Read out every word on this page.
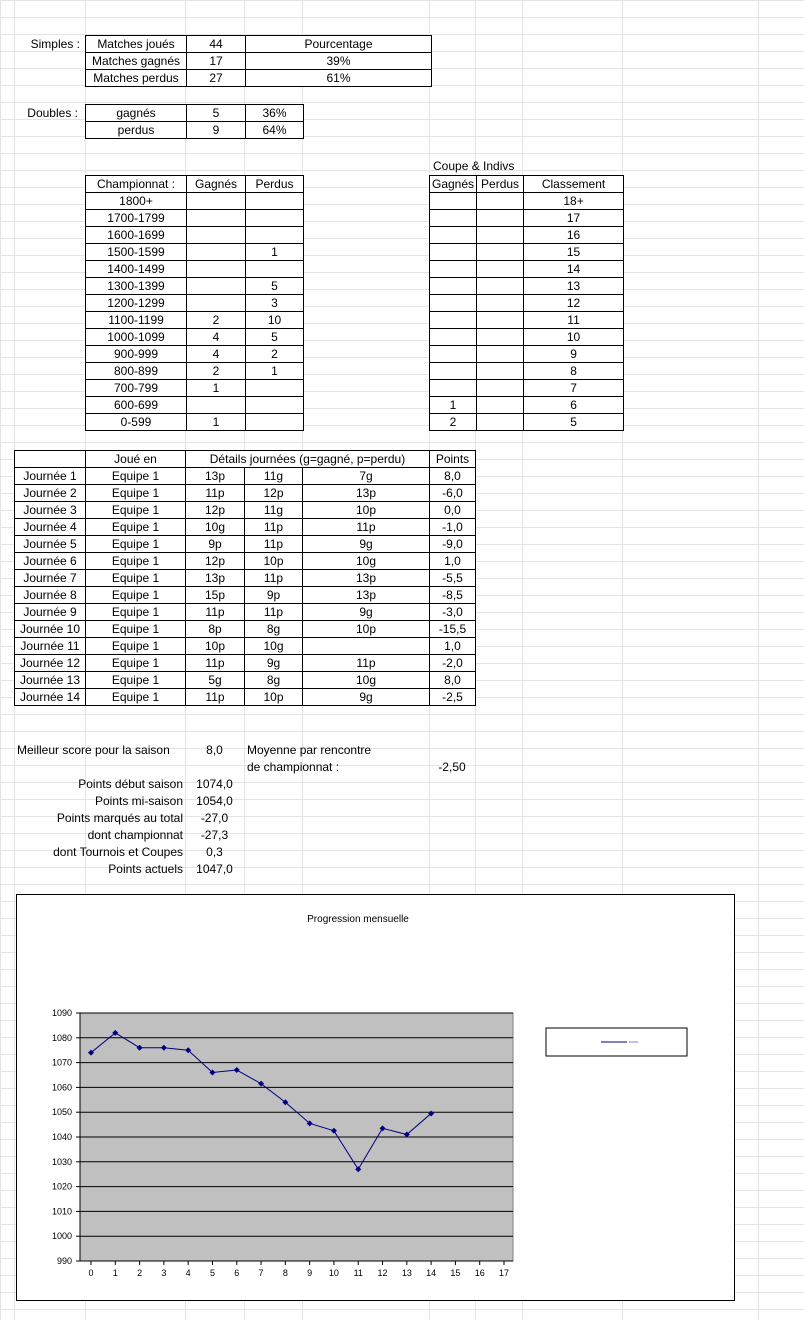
Simples : Matches joués	44	Pourcentage
Matches gagnés	17	39%
Matches perdus	27	61%
Doubles :	gagnés	5	36%
perdus	9	64%
Championnat :	Gagnés	Perdus
1800+		
1700-1799		
1600-1699		
1500-1599		1
1400-1499		
1300-1399		5
1200-1299		3
1100-1199	2	10
1000-1099	4	5
900-999	4	2
800-899	2	1
700-799	1	
600-699		
0-599	1	
Coupe & Indivs
Gagnés	Perdus	Classement
		18+
		17
		16
		15
		14
		13
		12
		11
		10
		9
		8
		7
1		6
2		5
	Joué en	Détails journées (g=gagné, p=perdu)			Points
Journée 1	Equipe 1	13p	11g	7g	8,0
Journée 2	Equipe 1	11p	12p	13p	-6,0
Journée 3	Equipe 1	12p	11g	10p	0,0
Journée 4	Equipe 1	10g	11p	11p	-1,0
Journée 5	Equipe 1	9p	11p	9g	-9,0
Journée 6	Equipe 1	12p	10p	10g	1,0
Journée 7	Equipe 1	13p	11p	13p	-5,5
Journée 8	Equipe 1	15p	9p	13p	-8,5
Journée 9	Equipe 1	11p	11p	9g	-3,0
Journée 10	Equipe 1	8p	8g	10p	-15,5
Journée 11	Equipe 1	10p	10g		1,0
Journée 12	Equipe 1	11p	9g	11p	-2,0
Journée 13	Equipe 1	5g	8g	10g	8,0
Journée 14	Equipe 1	11p	10p	9g	-2,5
Meilleur score pour la saison	8,0	Moyenne par rencontre
de championnat :	-2,50
Points début saison	1074,0
Points mi-saison	1054,0
Points marqués au total	-27,0
dont championnat	-27,3
dont Tournois et Coupes	0,3
Points actuels	1047,0
Progression mensuelle
990
1000
1010
1020
1030
1040
1050
1060
1070
1080
1090
0 1 2 3 4 5 6 7 8 9 10 11 12 13 14 15 16 17
